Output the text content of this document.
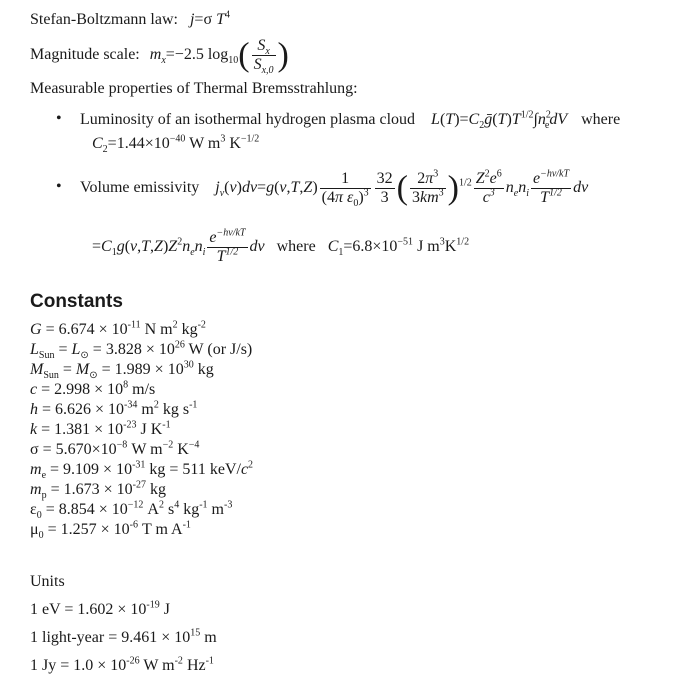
Stefan-Boltzmann law: j=σ $T^4$
Magnitude scale: $m_x=-2.5$ $\log_{10}( \frac{S_x}{S_{x,0}}$ )
Measurable properties of Thermal Bremsstrahlung:
• Luminosity of an isothermal hydrogen plasma cloud $L(T)=C_2ḡ(T)T^{1/2}\int n^2_edV$ where
$C_2=1.44\times 10^{-40}$ W $m^3$ $K^{-1/2}$
• Volume emissivity $j_\nu(\nu)d\nu=g(\nu,T,Z) \frac{1}{(4\pi \varepsilon_0)^3} \frac{32}{3}$ ( $\frac{2\pi^3}{3km^3} )^{1/2} \frac{Z^2e^6}{c^3} n_en_i \frac{e^{-h\nu/kT}}{T^{1/2}}$ dν
$=C_1g(\nu,T,Z)Z^2n_en_i \frac{e^{-h\nu/kT}}{T^{1/2}}$ dν where $C_1=6.8\times 10^{-51}$ J $m^3K^{1/2}$
Constants
$G = 6.674 \times 10^{-11}$ N $m^2$ $kg^{-2}$
$L_{Sun} = L_⊙ = 3.828 \times 10^{26}$ W (or J/s)
$M_{Sun} = M_⊙ = 1.989 \times 10^{30}$ kg
$c = 2.998 \times 10^8$ m/s
$h = 6.626 \times 10^{-34}$ $m^2$ kg $s^{-1}$
$k = 1.381 \times 10^{-23}$ J $K^{-1}$
$\sigma = 5.670\times 10^{-8}$ W $m^{-2}$ $K^{-4}$
$m_e = 9.109 \times 10^{-31}$ kg = 511 keV/$c^2$
$m_p = 1.673 \times 10^{-27}$ kg
$\varepsilon_0 = 8.854 \times 10^{-12}$ $A^2$ $s^4$ $kg^{-1}$ $m^{-3}$
$\mu_0 = 1.257 \times 10^{-6}$ T m $A^{-1}$
Units
1 eV = $1.602 \times 10^{-19}$ J
1 light-year = $9.461 \times 10^{15}$ m
1 $Jy = 1.0 \times 10^{-26}$ W $m^{-2}$ $Hz^{-1}$
